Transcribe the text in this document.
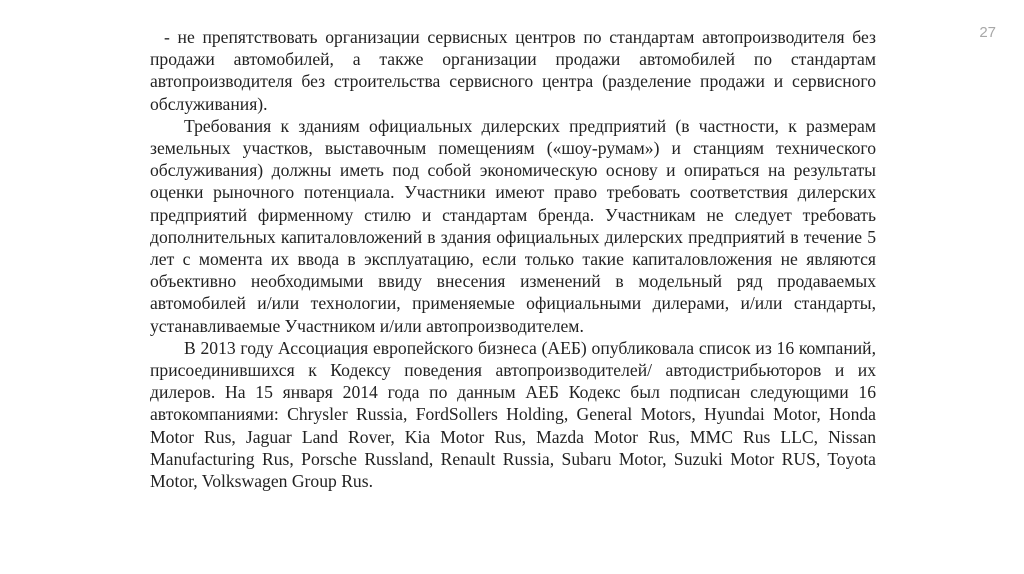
27

- не препятствовать организации сервисных центров по стандартам автопроизводителя без продажи автомобилей, а также организации продажи автомобилей по стандартам автопроизводителя без строительства сервисного центра (разделение продажи и сервисного обслуживания).

Требования к зданиям официальных дилерских предприятий (в частности, к размерам земельных участков, выставочным помещениям («шоу-румам») и станциям технического обслуживания) должны иметь под собой экономическую основу и опираться на результаты оценки рыночного потенциала. Участники имеют право требовать соответствия дилерских предприятий фирменному стилю и стандартам бренда. Участникам не следует требовать дополнительных капиталовложений в здания официальных дилерских предприятий в течение 5 лет с момента их ввода в эксплуатацию, если только такие капиталовложения не являются объективно необходимыми ввиду внесения изменений в модельный ряд продаваемых автомобилей и/или технологии, применяемые официальными дилерами, и/или стандарты, устанавливаемые Участником и/или автопроизводителем.

В 2013 году Ассоциация европейского бизнеса (АЕБ) опубликовала список из 16 компаний, присоединившихся к Кодексу поведения автопроизводителей/ автодистрибьюторов и их дилеров. На 15 января 2014 года по данным АЕБ Кодекс был подписан следующими 16 автокомпаниями: Chrysler Russia, FordSollers Holding, General Motors, Hyundai Motor, Honda Motor Rus, Jaguar Land Rover, Kia Motor Rus, Mazda Motor Rus, MMC Rus LLC, Nissan Manufacturing Rus, Porsche Russland, Renault Russia, Subaru Motor, Suzuki Motor RUS, Toyota Motor, Volkswagen Group Rus.
